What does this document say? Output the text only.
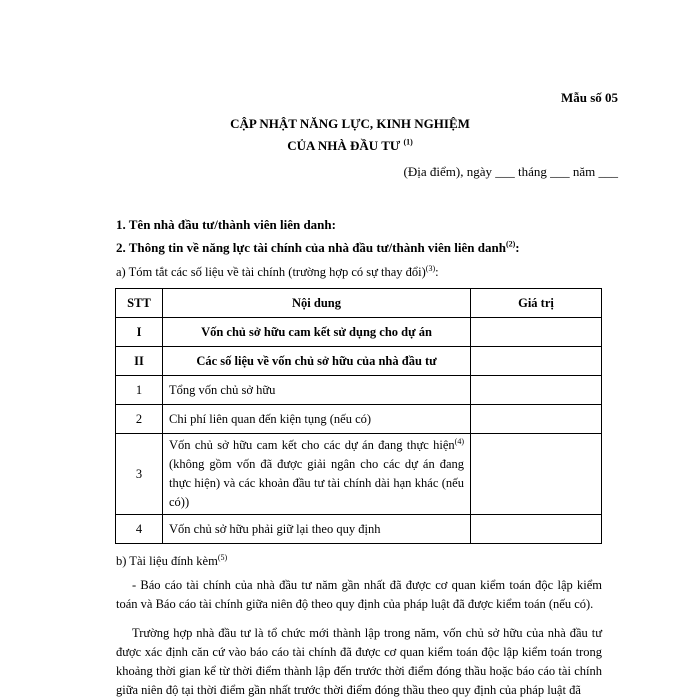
Mẫu số 05
CẬP NHẬT NĂNG LỰC, KINH NGHIỆM
CỦA NHÀ ĐẦU TƯ $^{(1)}$
(Địa điểm), ngày ___ tháng ___ năm ___
1. Tên nhà đầu tư/thành viên liên danh:
2. Thông tin về năng lực tài chính của nhà đầu tư/thành viên liên danh$^{(2)}$:
a) Tóm tắt các số liệu về tài chính (trường hợp có sự thay đổi)$^{(3)}$:
STT	Nội dung	Giá trị
I	Vốn chủ sở hữu cam kết sử dụng cho dự án	
II	Các số liệu về vốn chủ sở hữu của nhà đầu tư	
1	Tổng vốn chủ sở hữu	
2	Chi phí liên quan đến kiện tụng (nếu có)	
3	Vốn chủ sở hữu cam kết cho các dự án đang thực hiện$^{(4)}$ (không gồm vốn đã được giải ngân cho các dự án đang thực hiện) và các khoản đầu tư tài chính dài hạn khác (nếu có))	
4	Vốn chủ sở hữu phải giữ lại theo quy định	
b) Tài liệu đính kèm$^{(5)}$
- Báo cáo tài chính của nhà đầu tư năm gần nhất đã được cơ quan kiểm toán độc lập kiểm toán và Báo cáo tài chính giữa niên độ theo quy định của pháp luật đã được kiểm toán (nếu có).
Trường hợp nhà đầu tư là tổ chức mới thành lập trong năm, vốn chủ sở hữu của nhà đầu tư được xác định căn cứ vào báo cáo tài chính đã được cơ quan kiểm toán độc lập kiểm toán trong khoảng thời gian kể từ thời điểm thành lập đến trước thời điểm đóng thầu hoặc báo cáo tài chính giữa niên độ tại thời điểm gần nhất trước thời điểm đóng thầu theo quy định của pháp luật đã
